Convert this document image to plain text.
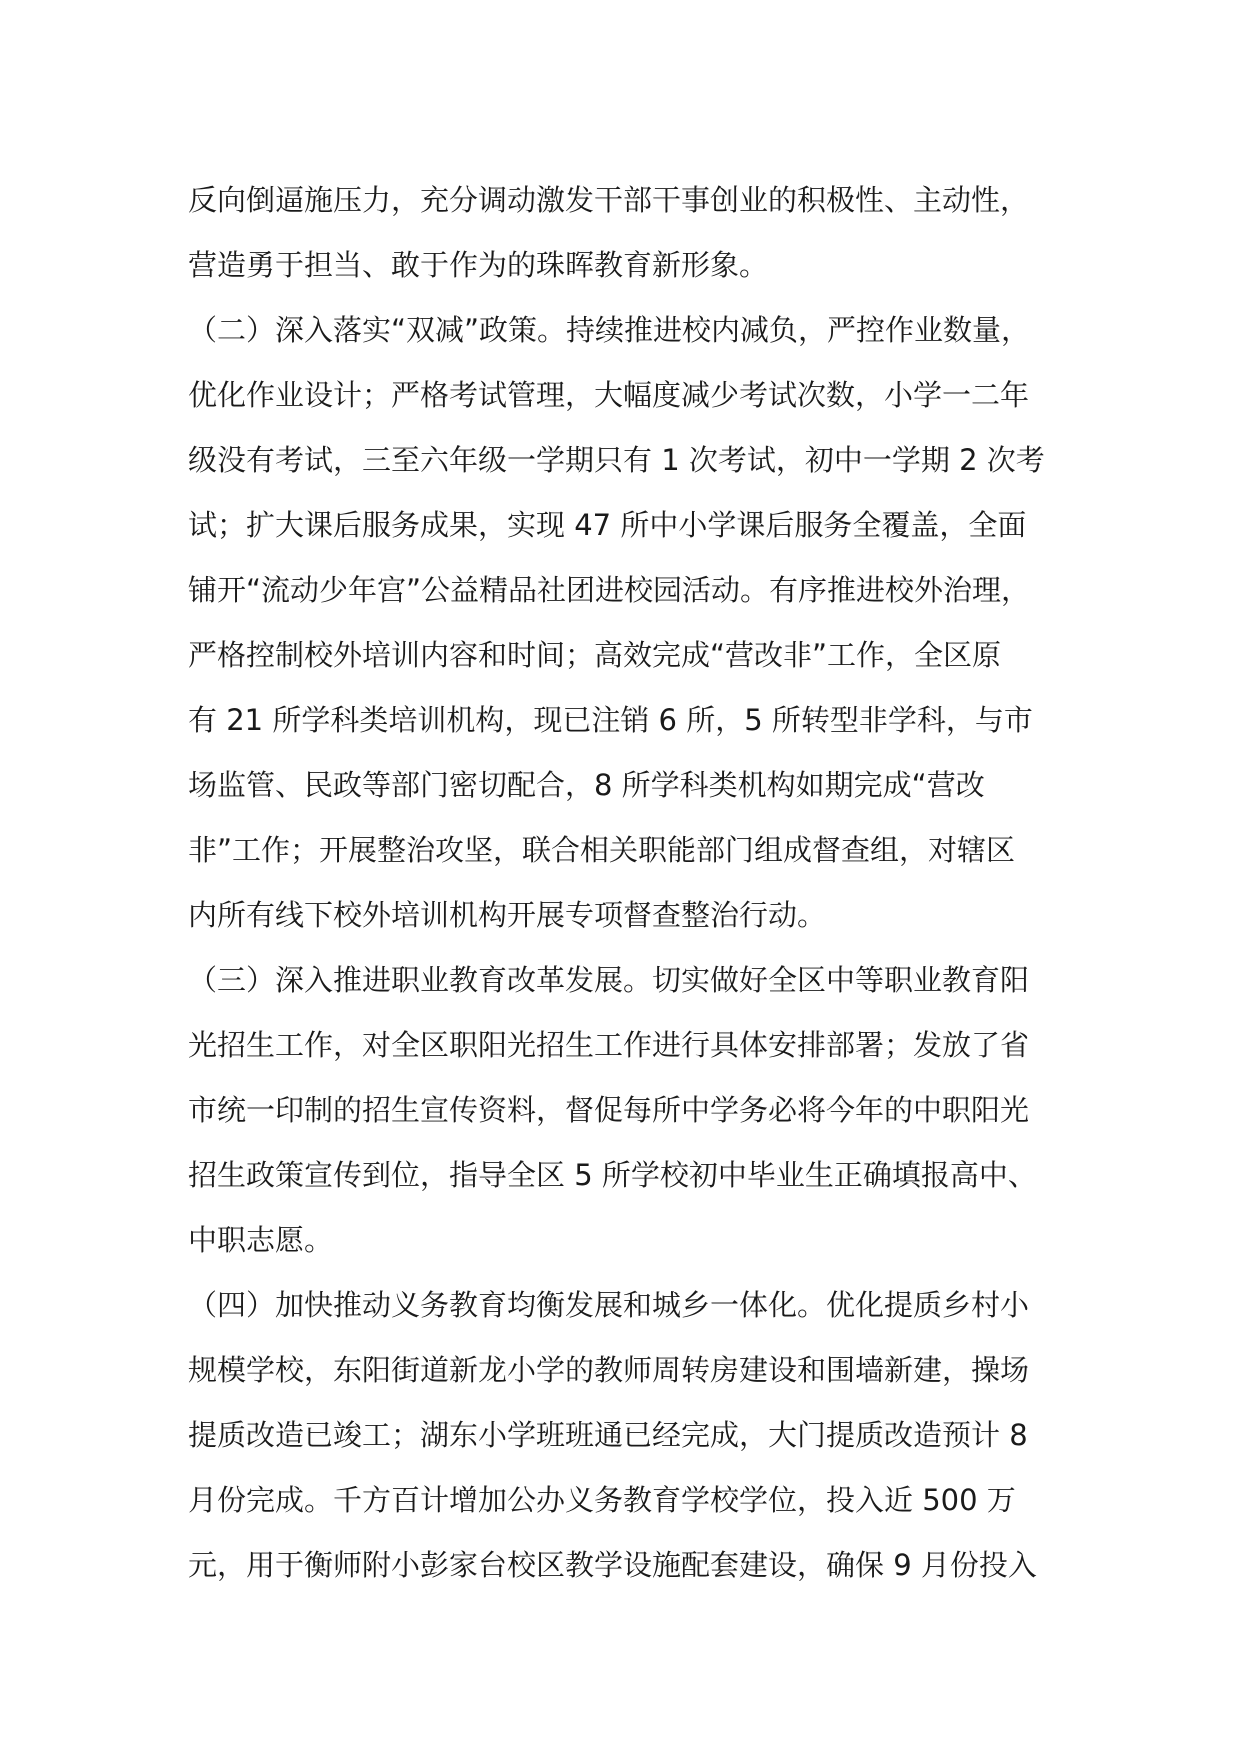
反向倒逼施压力，充分调动激发干部干事创业的积极性、主动性，
营造勇于担当、敢于作为的珠晖教育新形象。
（二）深入落实“双减”政策。持续推进校内减负，严控作业数量，
优化作业设计；严格考试管理，大幅度减少考试次数，小学一二年
级没有考试，三至六年级一学期只有 1 次考试，初中一学期 2 次考
试；扩大课后服务成果，实现 47 所中小学课后服务全覆盖，全面
铺开“流动少年宫”公益精品社团进校园活动。有序推进校外治理，
严格控制校外培训内容和时间；高效完成“营改非”工作，全区原
有 21 所学科类培训机构，现已注销 6 所，5 所转型非学科，与市
场监管、民政等部门密切配合，8 所学科类机构如期完成“营改
非”工作；开展整治攻坚，联合相关职能部门组成督查组，对辖区
内所有线下校外培训机构开展专项督查整治行动。
（三）深入推进职业教育改革发展。切实做好全区中等职业教育阳
光招生工作，对全区职阳光招生工作进行具体安排部署；发放了省
市统一印制的招生宣传资料，督促每所中学务必将今年的中职阳光
招生政策宣传到位，指导全区 5 所学校初中毕业生正确填报高中、
中职志愿。
（四）加快推动义务教育均衡发展和城乡一体化。优化提质乡村小
规模学校，东阳街道新龙小学的教师周转房建设和围墙新建，操场
提质改造已竣工；湖东小学班班通已经完成，大门提质改造预计 8
月份完成。千方百计增加公办义务教育学校学位，投入近 500 万
元，用于衡师附小彭家台校区教学设施配套建设，确保 9 月份投入
